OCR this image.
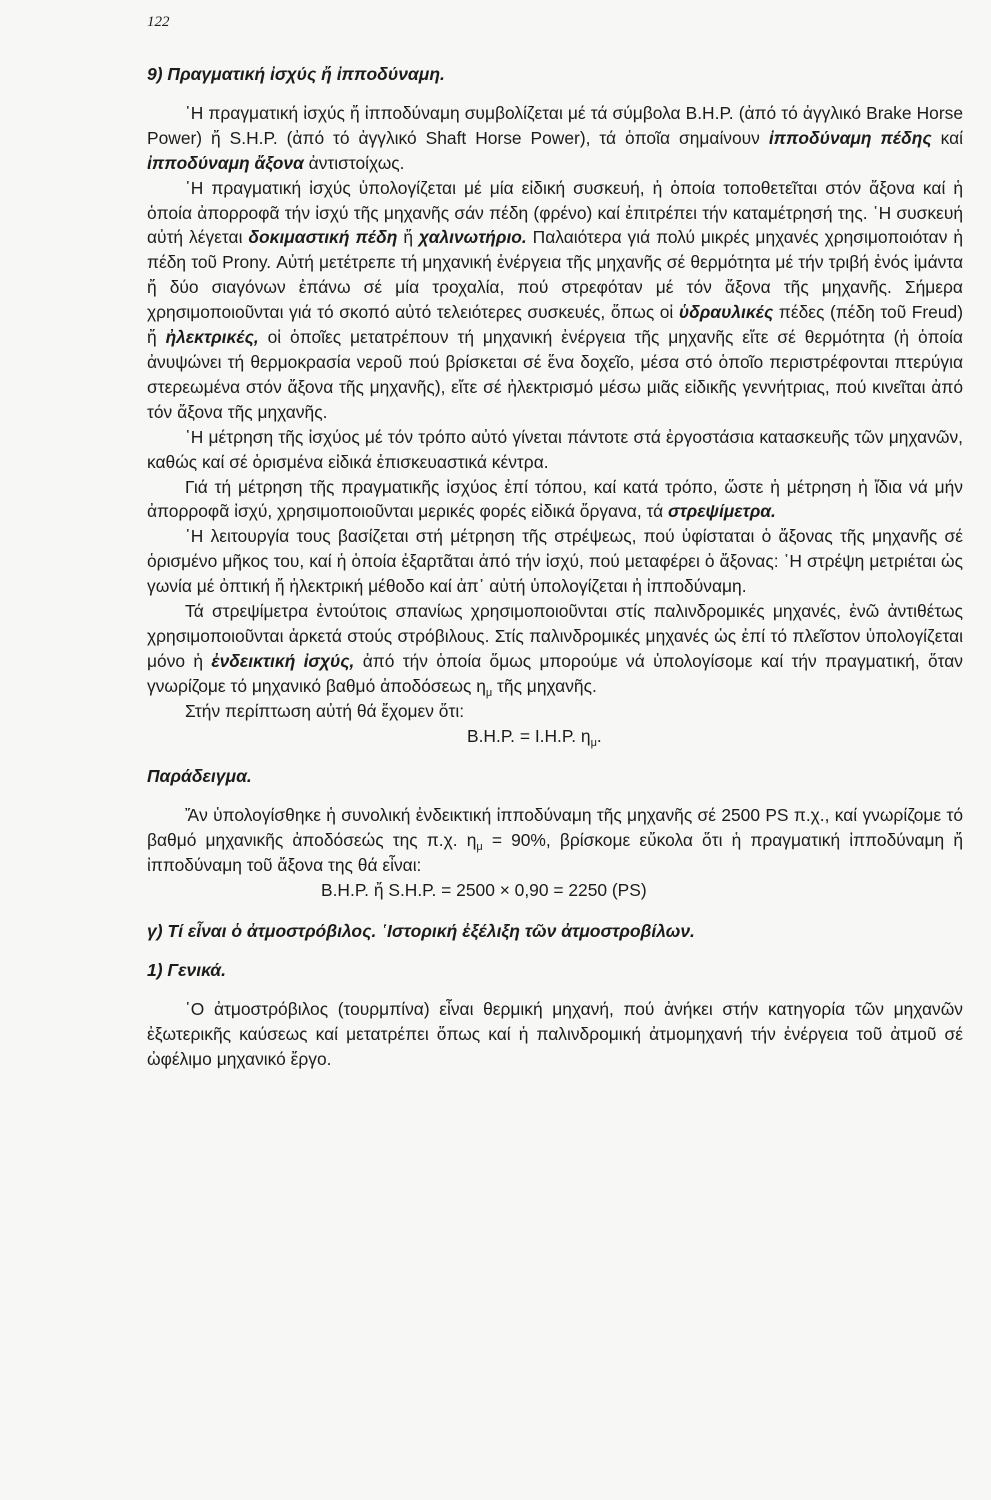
122
9) Πραγματική ἰσχύς ἤ ἰπποδύναμη.

῾Η πραγματική ἰσχύς ἤ ἰπποδύναμη συμβολίζεται μέ τά σύμβολα B.H.P. (ἀπό τό ἀγγλικό Brake Horse Power) ἤ S.H.P. (ἀπό τό ἀγγλικό Shaft Horse Power), τά ὁποῖα σημαίνουν ἰπποδύναμη πέδης καί ἰπποδύναμη ἄξονα ἀντιστοίχως.

῾Η πραγματική ἰσχύς ὑπολογίζεται μέ μία εἰδική συσκευή, ἡ ὁποία τοποθετεῖται στόν ἄξονα καί ἡ ὁποία ἀπορροφᾶ τήν ἰσχύ τῆς μηχανῆς σάν πέδη (φρένο) καί ἐπιτρέπει τήν καταμέτρησή της. ῾Η συσκευή αὐτή λέγεται δοκιμαστική πέδη ἤ χαλινωτήριο. Παλαιότερα γιά πολύ μικρές μηχανές χρησιμοποιόταν ἡ πέδη τοῦ Prony. Αὐτή μετέτρεπε τή μηχανική ἐνέργεια τῆς μηχανῆς σέ θερμότητα μέ τήν τριβή ἑνός ἱμάντα ἤ δύο σιαγόνων ἐπάνω σέ μία τροχαλία, πού στρεφόταν μέ τόν ἄξονα τῆς μηχανῆς. Σήμερα χρησιμοποιοῦνται γιά τό σκοπό αὐτό τελειότερες συσκευές, ὅπως οἱ ὑδραυλικές πέδες (πέδη τοῦ Freud) ἤ ἠλεκτρικές, οἱ ὁποῖες μετατρέπουν τή μηχανική ἐνέργεια τῆς μηχανῆς εἴτε σέ θερμότητα (ἡ ὁποία ἀνυψώνει τή θερμοκρασία νεροῦ πού βρίσκεται σέ ἕνα δοχεῖο, μέσα στό ὁποῖο περιστρέφονται πτερύγια στερεωμένα στόν ἄξονα τῆς μηχανῆς), εἴτε σέ ἠλεκτρισμό μέσω μιᾶς εἰδικῆς γεννήτριας, πού κινεῖται ἀπό τόν ἄξονα τῆς μηχανῆς.

῾Η μέτρηση τῆς ἰσχύος μέ τόν τρόπο αὐτό γίνεται πάντοτε στά ἐργοστάσια κατασκευῆς τῶν μηχανῶν, καθώς καί σέ ὁρισμένα εἰδικά ἐπισκευαστικά κέντρα.

Γιά τή μέτρηση τῆς πραγματικῆς ἰσχύος ἐπί τόπου, καί κατά τρόπο, ὥστε ἡ μέτρηση ἡ ἴδια νά μήν ἀπορροφᾶ ἰσχύ, χρησιμοποιοῦνται μερικές φορές εἰδικά ὄργανα, τά στρεψίμετρα.

῾Η λειτουργία τους βασίζεται στή μέτρηση τῆς στρέψεως, πού ὑφίσταται ὁ ἄξονας τῆς μηχανῆς σέ ὁρισμένο μῆκος του, καί ἡ ὁποία ἐξαρτᾶται ἀπό τήν ἰσχύ, πού μεταφέρει ὁ ἄξονας: ῾Η στρέψη μετριέται ὡς γωνία μέ ὀπτική ἤ ἠλεκτρική μέθοδο καί ἀπ᾽ αὐτή ὑπολογίζεται ἡ ἰπποδύναμη.

Τά στρεψίμετρα ἐντούτοις σπανίως χρησιμοποιοῦνται στίς παλινδρομικές μηχανές, ἐνῶ ἀντιθέτως χρησιμοποιοῦνται ἀρκετά στούς στρόβιλους. Στίς παλινδρομικές μηχανές ὡς ἐπί τό πλεῖστον ὑπολογίζεται μόνο ἡ ἐνδεικτική ἰσχύς, ἀπό τήν ὁποία ὅμως μπορούμε νά ὑπολογίσομε καί τήν πραγματική, ὅταν γνωρίζομε τό μηχανικό βαθμό ἀποδόσεως $\eta_\mu$ τῆς μηχανῆς.

Στήν περίπτωση αὐτή θά ἔχομεν ὅτι:

B.H.P. = I.H.P. $\eta_\mu$.
Παράδειγμα.

Ἄν ὑπολογίσθηκε ἡ συνολική ἐνδεικτική ἰπποδύναμη τῆς μηχανῆς σέ 2500 PS π.χ., καί γνωρίζομε τό βαθμό μηχανικῆς ἀποδόσεώς της π.χ. $\eta_\mu = 90\%$, βρίσκομε εὔκολα ὅτι ἡ πραγματική ἰπποδύναμη ἤ ἰπποδύναμη τοῦ ἄξονα της θά εἶναι:

B.H.P. ἤ S.H.P. = 2500 × 0,90 = 2250 (PS)
γ) Τί εἶναι ὁ ἀτμοστρόβιλος. ῾Ιστορική ἐξέλιξη τῶν ἀτμοστροβίλων.
1) Γενικά.

῾Ο ἀτμοστρόβιλος (τουρμπίνα) εἶναι θερμική μηχανή, πού ἀνήκει στήν κατηγορία τῶν μηχανῶν ἐξωτερικῆς καύσεως καί μετατρέπει ὅπως καί ἡ παλινδρομική ἀτμομηχανή τήν ἐνέργεια τοῦ ἀτμοῦ σέ ὠφέλιμο μηχανικό ἔργο.
